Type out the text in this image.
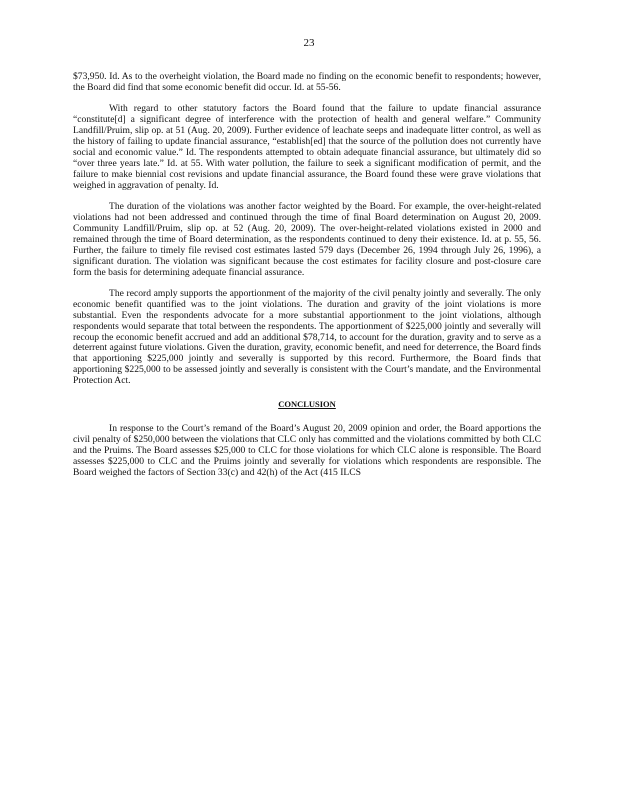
23

$73,950. Id. As to the overheight violation, the Board made no finding on the economic benefit to respondents; however, the Board did find that some economic benefit did occur. Id. at 55-56.

With regard to other statutory factors the Board found that the failure to update financial assurance “constitute[d] a significant degree of interference with the protection of health and general welfare.” Community Landfill/Pruim, slip op. at 51 (Aug. 20, 2009). Further evidence of leachate seeps and inadequate litter control, as well as the history of failing to update financial assurance, “establish[ed] that the source of the pollution does not currently have social and economic value.” Id. The respondents attempted to obtain adequate financial assurance, but ultimately did so “over three years late.” Id. at 55. With water pollution, the failure to seek a significant modification of permit, and the failure to make biennial cost revisions and update financial assurance, the Board found these were grave violations that weighed in aggravation of penalty. Id.

The duration of the violations was another factor weighted by the Board. For example, the over-height-related violations had not been addressed and continued through the time of final Board determination on August 20, 2009. Community Landfill/Pruim, slip op. at 52 (Aug. 20, 2009). The over-height-related violations existed in 2000 and remained through the time of Board determination, as the respondents continued to deny their existence. Id. at p. 55, 56. Further, the failure to timely file revised cost estimates lasted 579 days (December 26, 1994 through July 26, 1996), a significant duration. The violation was significant because the cost estimates for facility closure and post-closure care form the basis for determining adequate financial assurance.

The record amply supports the apportionment of the majority of the civil penalty jointly and severally. The only economic benefit quantified was to the joint violations. The duration and gravity of the joint violations is more substantial. Even the respondents advocate for a more substantial apportionment to the joint violations, although respondents would separate that total between the respondents. The apportionment of $225,000 jointly and severally will recoup the economic benefit accrued and add an additional $78,714, to account for the duration, gravity and to serve as a deterrent against future violations. Given the duration, gravity, economic benefit, and need for deterrence, the Board finds that apportioning $225,000 jointly and severally is supported by this record. Furthermore, the Board finds that apportioning $225,000 to be assessed jointly and severally is consistent with the Court’s mandate, and the Environmental Protection Act.

CONCLUSION

In response to the Court’s remand of the Board’s August 20, 2009 opinion and order, the Board apportions the civil penalty of $250,000 between the violations that CLC only has committed and the violations committed by both CLC and the Pruims. The Board assesses $25,000 to CLC for those violations for which CLC alone is responsible. The Board assesses $225,000 to CLC and the Pruims jointly and severally for violations which respondents are responsible. The Board weighed the factors of Section 33(c) and 42(h) of the Act (415 ILCS
